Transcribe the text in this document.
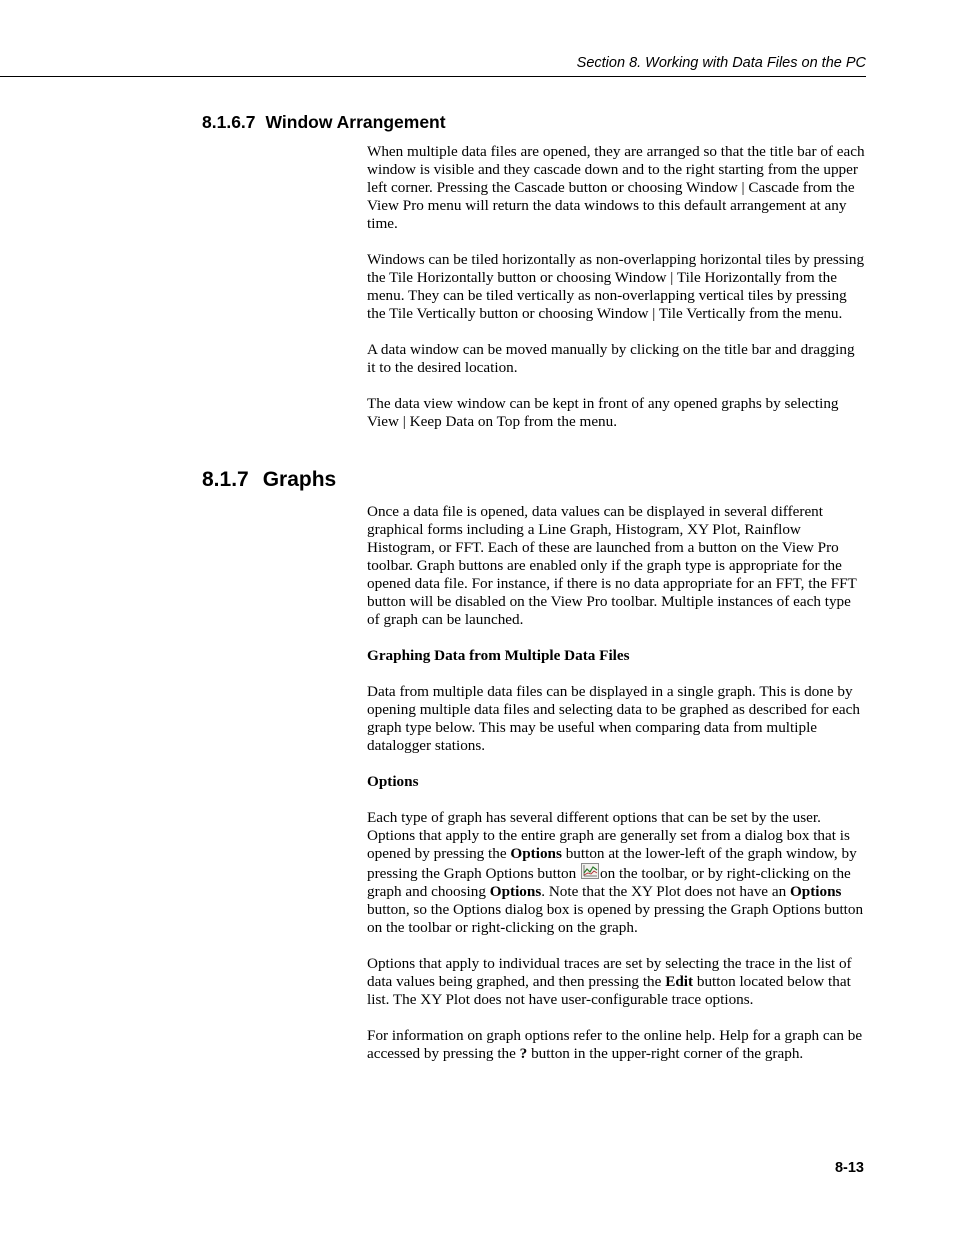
Section 8. Working with Data Files on the PC

8.1.6.7 Window Arrangement

When multiple data files are opened, they are arranged so that the title bar of each window is visible and they cascade down and to the right starting from the upper left corner. Pressing the Cascade button or choosing Window | Cascade from the View Pro menu will return the data windows to this default arrangement at any time.

Windows can be tiled horizontally as non-overlapping horizontal tiles by pressing the Tile Horizontally button or choosing Window | Tile Horizontally from the menu. They can be tiled vertically as non-overlapping vertical tiles by pressing the Tile Vertically button or choosing Window | Tile Vertically from the menu.

A data window can be moved manually by clicking on the title bar and dragging it to the desired location.

The data view window can be kept in front of any opened graphs by selecting View | Keep Data on Top from the menu.

8.1.7 Graphs

Once a data file is opened, data values can be displayed in several different graphical forms including a Line Graph, Histogram, XY Plot, Rainflow Histogram, or FFT. Each of these are launched from a button on the View Pro toolbar. Graph buttons are enabled only if the graph type is appropriate for the opened data file. For instance, if there is no data appropriate for an FFT, the FFT button will be disabled on the View Pro toolbar. Multiple instances of each type of graph can be launched.

Graphing Data from Multiple Data Files

Data from multiple data files can be displayed in a single graph. This is done by opening multiple data files and selecting data to be graphed as described for each graph type below. This may be useful when comparing data from multiple datalogger stations.

Options

Each type of graph has several different options that can be set by the user. Options that apply to the entire graph are generally set from a dialog box that is opened by pressing the Options button at the lower-left of the graph window, by pressing the Graph Options button on the toolbar, or by right-clicking on the graph and choosing Options. Note that the XY Plot does not have an Options button, so the Options dialog box is opened by pressing the Graph Options button on the toolbar or right-clicking on the graph.

Options that apply to individual traces are set by selecting the trace in the list of data values being graphed, and then pressing the Edit button located below that list. The XY Plot does not have user-configurable trace options.

For information on graph options refer to the online help. Help for a graph can be accessed by pressing the ? button in the upper-right corner of the graph.

8-13
